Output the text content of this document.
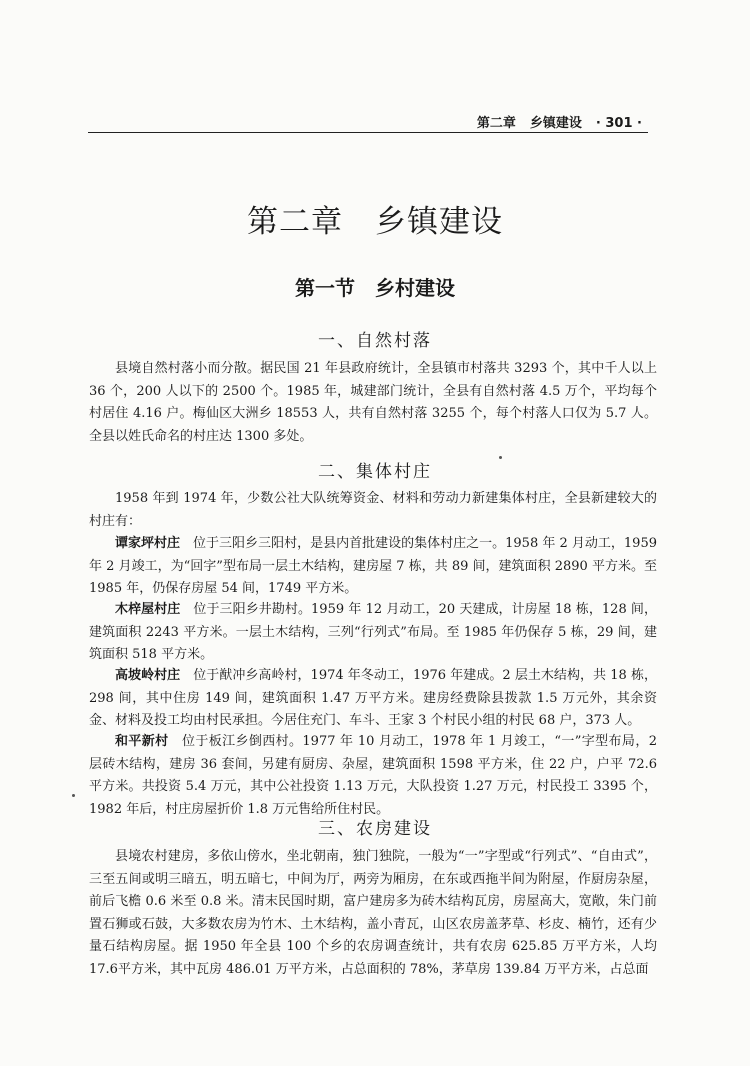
第二章 乡镇建设 · 301 ·
第二章　乡镇建设
第一节　乡村建设
一、自然村落

县境自然村落小而分散。据民国 21 年县政府统计，全县镇市村落共 3293 个，其中千人以上 36 个，200 人以下的 2500 个。1985 年，城建部门统计，全县有自然村落 4.5 万个，平均每个村居住 4.16 户。梅仙区大洲乡 18553 人，共有自然村落 3255 个，每个村落人口仅为 5.7 人。全县以姓氏命名的村庄达 1300 多处。

二、集体村庄

1958 年到 1974 年，少数公社大队统筹资金、材料和劳动力新建集体村庄，全县新建较大的村庄有：

谭家坪村庄　 位于三阳乡三阳村，是县内首批建设的集体村庄之一。1958 年 2 月动工，1959 年 2 月竣工，为“回字”型布局一层土木结构，建房屋 7 栋，共 89 间，建筑面积 2890 平方米。至 1985 年，仍保存房屋 54 间，1749 平方米。

木梓屋村庄　 位于三阳乡井勘村。1959 年 12 月动工，20 天建成，计房屋 18 栋，128 间，建筑面积 2243 平方米。一层土木结构，三列“行列式”布局。至 1985 年仍保存 5 栋，29 间，建筑面积 518 平方米。

高坡岭村庄　 位于猷冲乡高岭村，1974 年冬动工，1976 年建成。2 层土木结构，共 18 栋，298 间，其中住房 149 间，建筑面积 1.47 万平方米。建房经费除县拨款 1.5 万元外，其余资金、材料及投工均由村民承担。今居住充门、车斗、王家 3 个村民小组的村民 68 户，373 人。

和平新村　 位于板江乡倒西村。1977 年 10 月动工，1978 年 1 月竣工，“一”字型布局，2 层砖木结构，建房 36 套间，另建有厨房、杂屋，建筑面积 1598 平方米，住 22 户，户平 72.6 平方米。共投资 5.4 万元，其中公社投资 1.13 万元，大队投资 1.27 万元，村民投工 3395 个，1982 年后，村庄房屋折价 1.8 万元售给所住村民。

三、农房建设

县境农村建房，多依山傍水，坐北朝南，独门独院，一般为“一”字型或“行列式”、“自由式”，三至五间或明三暗五，明五暗七，中间为厅，两旁为厢房，在东或西拖半间为附屋，作厨房杂屋，前后飞檐 0.6 米至 0.8 米。清末民国时期，富户建房多为砖木结构瓦房，房屋高大，宽敞，朱门前置石狮或石鼓，大多数农房为竹木、土木结构，盖小青瓦，山区农房盖茅草、杉皮、楠竹，还有少量石结构房屋。据 1950 年全县 100 个乡的农房调查统计，共有农房 625.85 万平方米，人均 17.6平方米，其中瓦房 486.01 万平方米，占总面积的 78%，茅草房 139.84 万平方米，占总面
